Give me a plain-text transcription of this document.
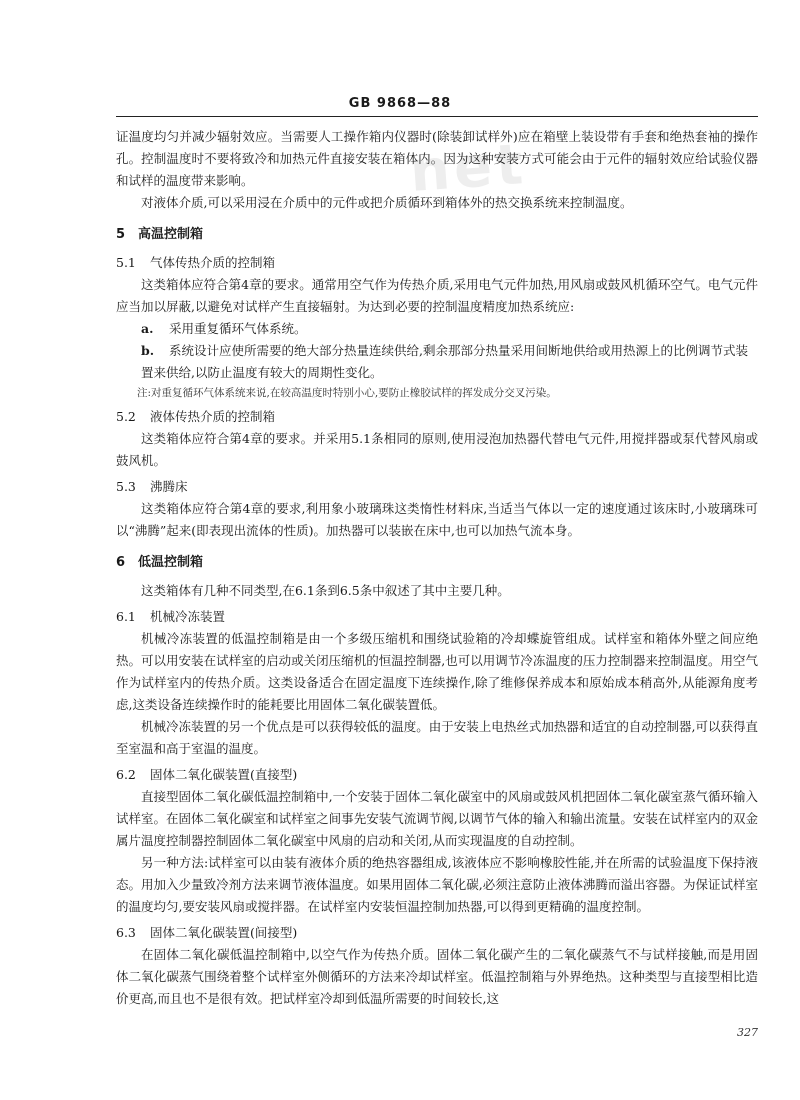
net
GB 9868—88

证温度均匀并减少辐射效应。当需要人工操作箱内仪器时(除装卸试样外)应在箱壁上装设带有手套和绝热套袖的操作孔。控制温度时不要将致冷和加热元件直接安装在箱体内。因为这种安装方式可能会由于元件的辐射效应给试验仪器和试样的温度带来影响。

对液体介质,可以采用浸在介质中的元件或把介质循环到箱体外的热交换系统来控制温度。

5　高温控制箱
5.1 气体传热介质的控制箱

这类箱体应符合第4章的要求。通常用空气作为传热介质,采用电气元件加热,用风扇或鼓风机循环空气。电气元件应当加以屏蔽,以避免对试样产生直接辐射。为达到必要的控制温度精度加热系统应:

a. 采用重复循环气体系统。
b. 系统设计应使所需要的绝大部分热量连续供给,剩余那部分热量采用间断地供给或用热源上的比例调节式装置来供给,以防止温度有较大的周期性变化。
注:对重复循环气体系统来说,在较高温度时特别小心,要防止橡胶试样的挥发成分交叉污染。
5.2 液体传热介质的控制箱

这类箱体应符合第4章的要求。并采用5.1条相同的原则,使用浸泡加热器代替电气元件,用搅拌器或泵代替风扇或鼓风机。

5.3 沸腾床

这类箱体应符合第4章的要求,利用象小玻璃珠这类惰性材料床,当适当气体以一定的速度通过该床时,小玻璃珠可以“沸腾”起来(即表现出流体的性质)。加热器可以装嵌在床中,也可以加热气流本身。

6　低温控制箱

这类箱体有几种不同类型,在6.1条到6.5条中叙述了其中主要几种。

6.1 机械冷冻装置

机械冷冻装置的低温控制箱是由一个多级压缩机和围绕试验箱的冷却蝶旋管组成。试样室和箱体外壁之间应绝热。可以用安装在试样室的启动或关闭压缩机的恒温控制器,也可以用调节冷冻温度的压力控制器来控制温度。用空气作为试样室内的传热介质。这类设备适合在固定温度下连续操作,除了维修保养成本和原始成本稍高外,从能源角度考虑,这类设备连续操作时的能耗要比用固体二氧化碳装置低。

机械冷冻装置的另一个优点是可以获得较低的温度。由于安装上电热丝式加热器和适宜的自动控制器,可以获得直至室温和高于室温的温度。

6.2 固体二氧化碳装置(直接型)

直接型固体二氧化碳低温控制箱中,一个安装于固体二氧化碳室中的风扇或鼓风机把固体二氧化碳室蒸气循环输入试样室。在固体二氧化碳室和试样室之间事先安装气流调节阀,以调节气体的输入和输出流量。安装在试样室内的双金属片温度控制器控制固体二氧化碳室中风扇的启动和关闭,从而实现温度的自动控制。

另一种方法:试样室可以由装有液体介质的绝热容器组成,该液体应不影响橡胶性能,并在所需的试验温度下保持液态。用加入少量致冷剂方法来调节液体温度。如果用固体二氧化碳,必须注意防止液体沸腾而溢出容器。为保证试样室的温度均匀,要安装风扇或搅拌器。在试样室内安装恒温控制加热器,可以得到更精确的温度控制。

6.3 固体二氧化碳装置(间接型)

在固体二氧化碳低温控制箱中,以空气作为传热介质。固体二氧化碳产生的二氧化碳蒸气不与试样接触,而是用固体二氧化碳蒸气围绕着整个试样室外侧循环的方法来冷却试样室。低温控制箱与外界绝热。这种类型与直接型相比造价更高,而且也不是很有效。把试样室冷却到低温所需要的时间较长,这

327
